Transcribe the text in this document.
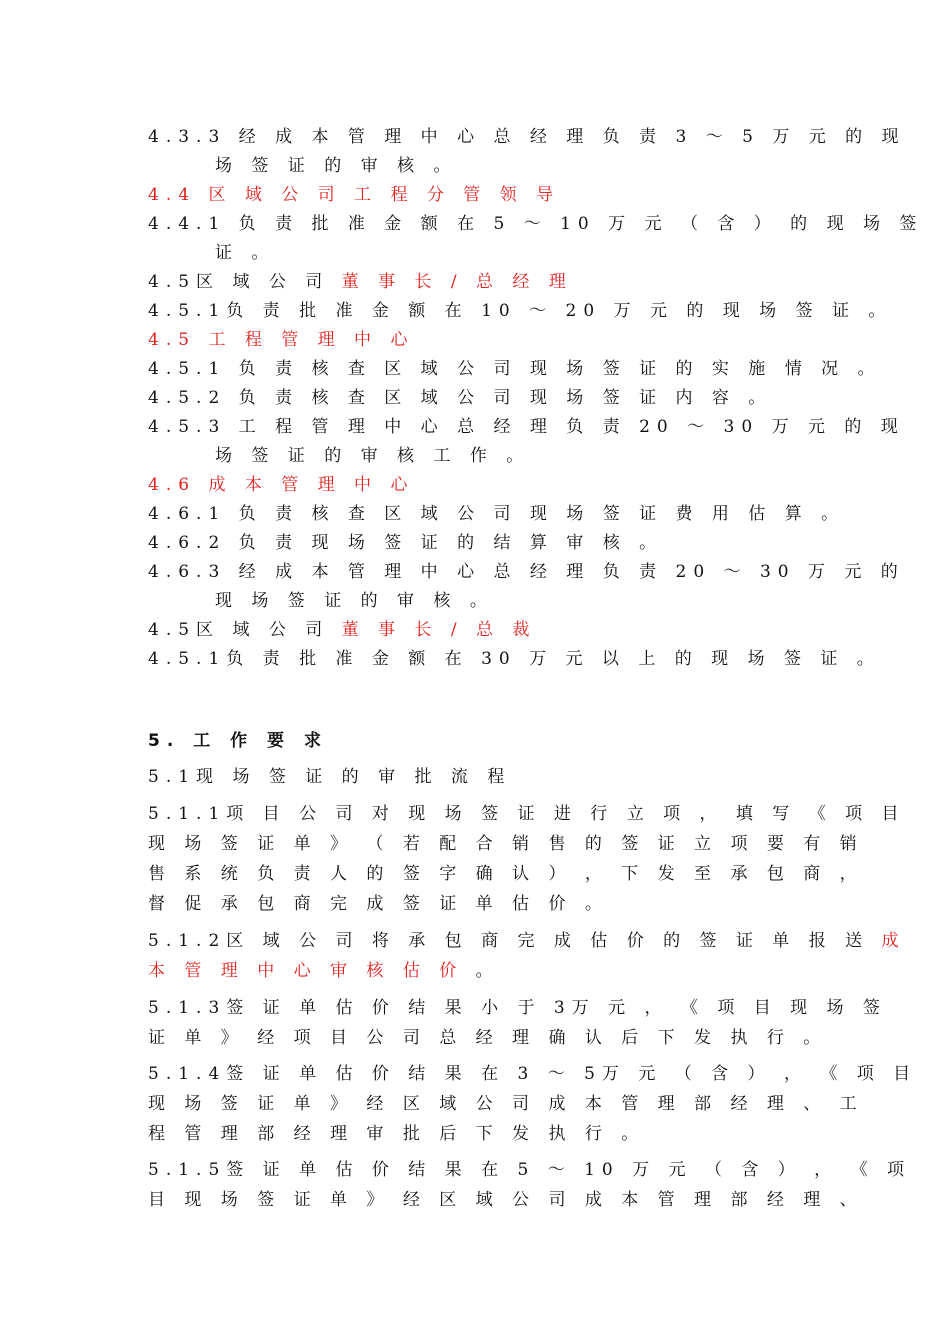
4.3.3 经 成 本 管 理 中 心 总 经 理 负 责 3 ～ 5 万 元 的 现
场 签 证 的 审 核 。
4.4 区 域 公 司 工 程 分 管 领 导
4.4.1 负 责 批 准 金 额 在 5 ～ 10 万 元 （ 含 ） 的 现 场 签
证 。
4.5区 域 公 司 董 事 长 / 总 经 理
4.5.1负 责 批 准 金 额 在 10 ～ 20 万 元 的 现 场 签 证 。
4.5 工 程 管 理 中 心
4.5.1 负 责 核 查 区 域 公 司 现 场 签 证 的 实 施 情 况 。
4.5.2 负 责 核 查 区 域 公 司 现 场 签 证 内 容 。
4.5.3 工 程 管 理 中 心 总 经 理 负 责 20 ～ 30 万 元 的 现
场 签 证 的 审 核 工 作 。
4.6 成 本 管 理 中 心
4.6.1 负 责 核 查 区 域 公 司 现 场 签 证 费 用 估 算 。
4.6.2 负 责 现 场 签 证 的 结 算 审 核 。
4.6.3 经 成 本 管 理 中 心 总 经 理 负 责 20 ～ 30 万 元 的
现 场 签 证 的 审 核 。
4.5区 域 公 司 董 事 长 / 总 裁
4.5.1负 责 批 准 金 额 在 30 万 元 以 上 的 现 场 签 证 。
5. 工 作 要 求
5.1现 场 签 证 的 审 批 流 程
5.1.1项 目 公 司 对 现 场 签 证 进 行 立 项 ， 填 写 《 项 目
现 场 签 证 单 》 （ 若 配 合 销 售 的 签 证 立 项 要 有 销
售 系 统 负 责 人 的 签 字 确 认 ） ， 下 发 至 承 包 商 ，
督 促 承 包 商 完 成 签 证 单 估 价 。
5.1.2区 域 公 司 将 承 包 商 完 成 估 价 的 签 证 单 报 送 成
本 管 理 中 心 审 核 估 价 。
5.1.3签 证 单 估 价 结 果 小 于 3万 元 ， 《 项 目 现 场 签
证 单 》 经 项 目 公 司 总 经 理 确 认 后 下 发 执 行 。
5.1.4签 证 单 估 价 结 果 在 3 ～ 5万 元 （ 含 ） ， 《 项 目
现 场 签 证 单 》 经 区 域 公 司 成 本 管 理 部 经 理 、 工
程 管 理 部 经 理 审 批 后 下 发 执 行 。
5.1.5签 证 单 估 价 结 果 在 5 ～ 10 万 元 （ 含 ） ， 《 项
目 现 场 签 证 单 》 经 区 域 公 司 成 本 管 理 部 经 理 、
